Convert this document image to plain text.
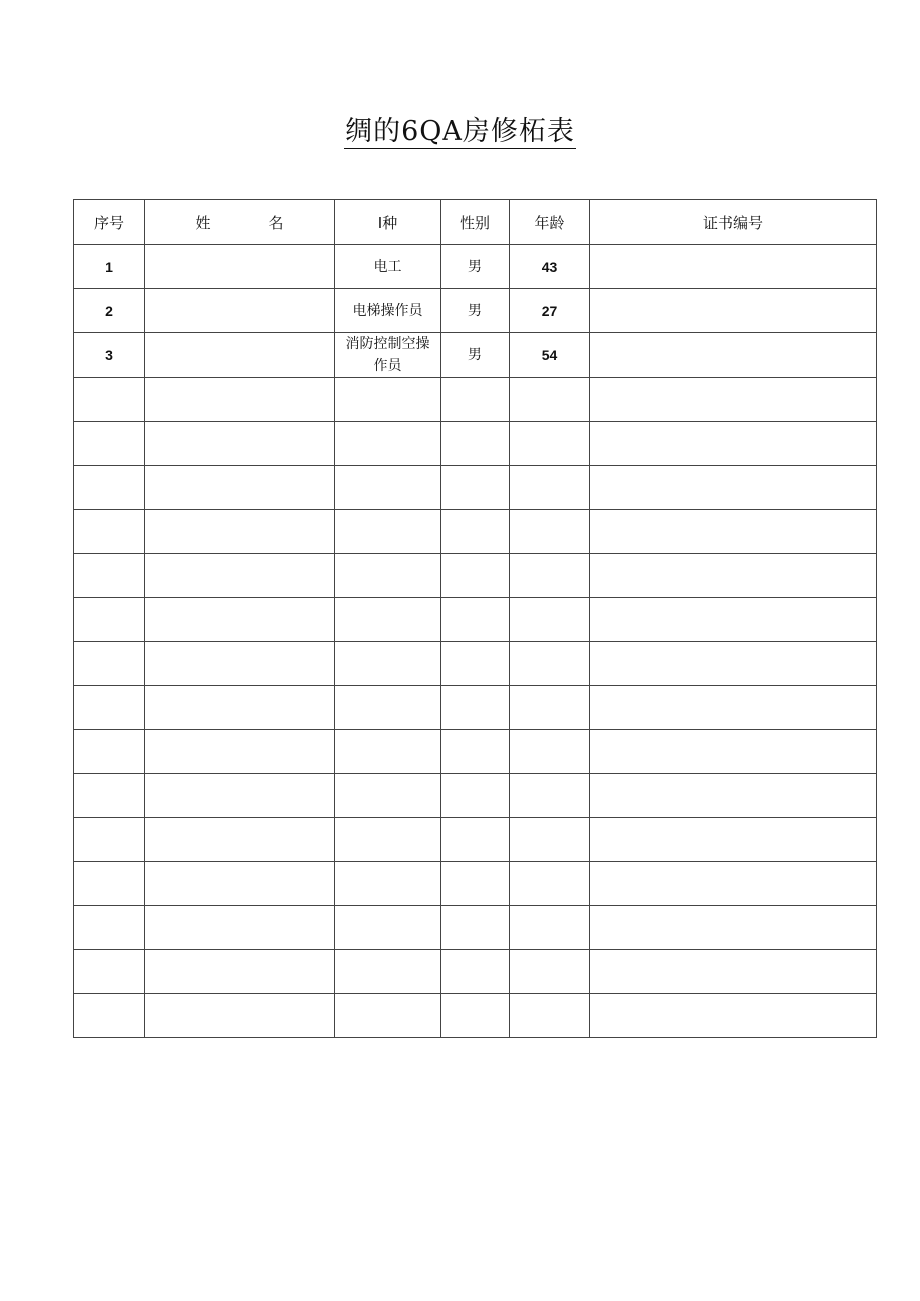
绸的6QA房修柘表
序号	姓 名	I种	性别	年龄	证书编号
1		电工	男	43	
2		电梯操作员	男	27	
3		消防控制空操作员	男	54	
